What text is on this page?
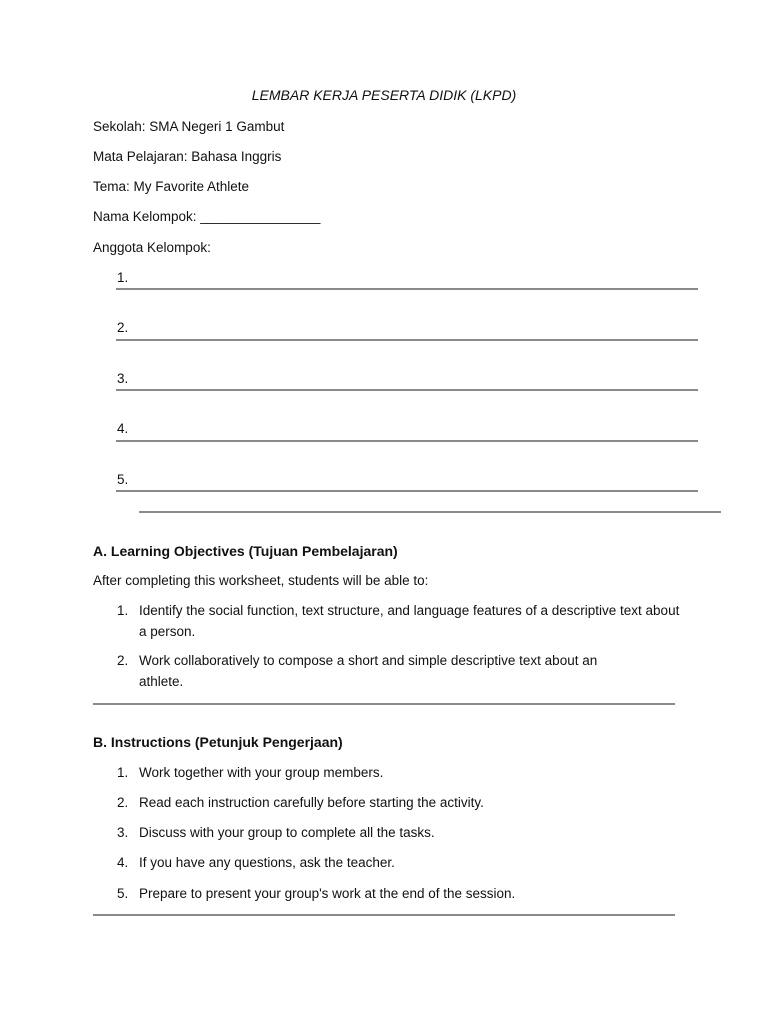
LEMBAR KERJA PESERTA DIDIK (LKPD)
Sekolah: SMA Negeri 1 Gambut
Mata Pelajaran: Bahasa Inggris
Tema: My Favorite Athlete
Nama Kelompok: ________________
Anggota Kelompok:
1.
2.
3.
4.
5.
A. Learning Objectives (Tujuan Pembelajaran)
After completing this worksheet, students will be able to:
1. Identify the social function, text structure, and language features of a descriptive text about a person.
2. Work collaboratively to compose a short and simple descriptive text about an athlete.
B. Instructions (Petunjuk Pengerjaan)
1. Work together with your group members.
2. Read each instruction carefully before starting the activity.
3. Discuss with your group to complete all the tasks.
4. If you have any questions, ask the teacher.
5. Prepare to present your group's work at the end of the session.
